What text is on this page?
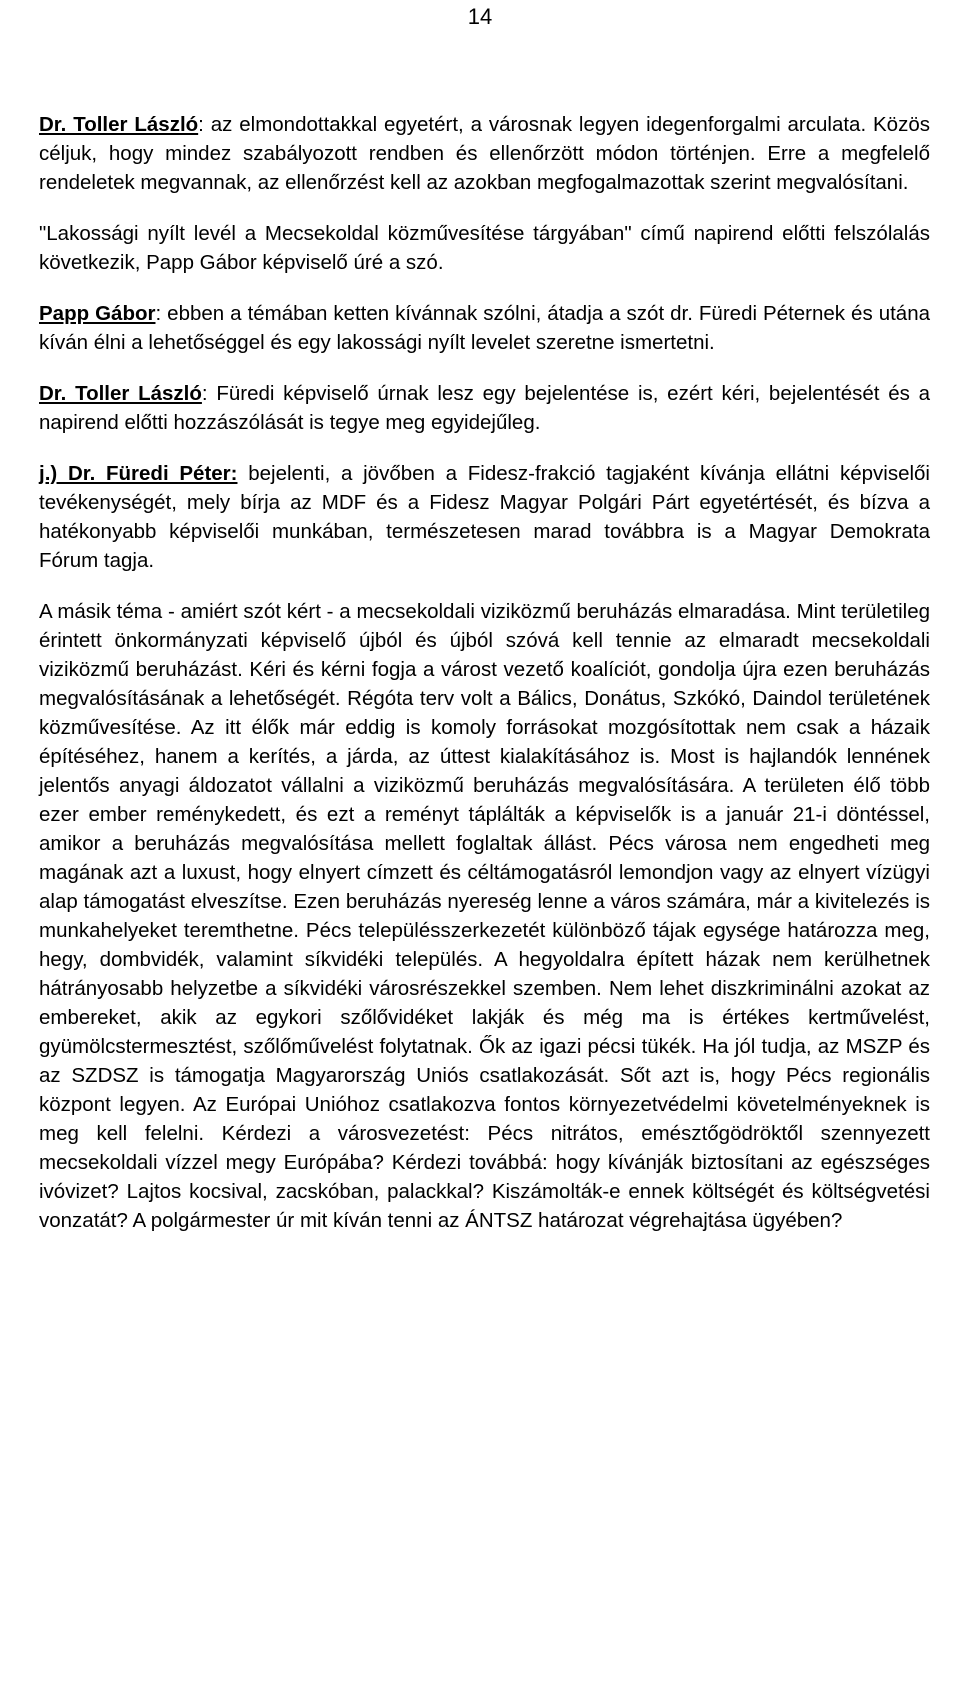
14

Dr. Toller László: az elmondottakkal egyetért, a városnak legyen idegenforgalmi arculata. Közös céljuk, hogy mindez szabályozott rendben és ellenőrzött módon történjen. Erre a megfelelő rendeletek megvannak, az ellenőrzést kell az azokban megfogalmazottak szerint megvalósítani.

"Lakossági nyílt levél a Mecsekoldal közművesítése tárgyában" című napirend előtti felszólalás következik, Papp Gábor képviselő úré a szó.

Papp Gábor: ebben a témában ketten kívánnak szólni, átadja a szót dr. Füredi Péternek és utána kíván élni a lehetőséggel és egy lakossági nyílt levelet szeretne ismertetni.

Dr. Toller László: Füredi képviselő úrnak lesz egy bejelentése is, ezért kéri, bejelentését és a napirend előtti hozzászólását is tegye meg egyidejűleg.

j.) Dr. Füredi Péter: bejelenti, a jövőben a Fidesz-frakció tagjaként kívánja ellátni képviselői tevékenységét, mely bírja az MDF és a Fidesz Magyar Polgári Párt egyetértését, és bízva a hatékonyabb képviselői munkában, természetesen marad továbbra is a Magyar Demokrata Fórum tagja.

A másik téma - amiért szót kért - a mecsekoldali viziközmű beruházás elmaradása. Mint területileg érintett önkormányzati képviselő újból és újból szóvá kell tennie az elmaradt mecsekoldali viziközmű beruházást. Kéri és kérni fogja a várost vezető koalíciót, gondolja újra ezen beruházás megvalósításának a lehetőségét. Régóta terv volt a Bálics, Donátus, Szkókó, Daindol területének közművesítése. Az itt élők már eddig is komoly forrásokat mozgósítottak nem csak a házaik építéséhez, hanem a kerítés, a járda, az úttest kialakításához is. Most is hajlandók lennének jelentős anyagi áldozatot vállalni a viziközmű beruházás megvalósítására. A területen élő több ezer ember reménykedett, és ezt a reményt táplálták a képviselők is a január 21-i döntéssel, amikor a beruházás megvalósítása mellett foglaltak állást. Pécs városa nem engedheti meg magának azt a luxust, hogy elnyert címzett és céltámogatásról lemondjon vagy az elnyert vízügyi alap támogatást elveszítse. Ezen beruházás nyereség lenne a város számára, már a kivitelezés is munkahelyeket teremthetne. Pécs településszerkezetét különböző tájak egysége határozza meg, hegy, dombvidék, valamint síkvidéki település. A hegyoldalra épített házak nem kerülhetnek hátrányosabb helyzetbe a síkvidéki városrészekkel szemben. Nem lehet diszkriminálni azokat az embereket, akik az egykori szőlővidéket lakják és még ma is értékes kertművelést, gyümölcstermesztést, szőlőművelést folytatnak. Ők az igazi pécsi tükék. Ha jól tudja, az MSZP és az SZDSZ is támogatja Magyarország Uniós csatlakozását. Sőt azt is, hogy Pécs regionális központ legyen. Az Európai Unióhoz csatlakozva fontos környezetvédelmi követelményeknek is meg kell felelni. Kérdezi a városvezetést: Pécs nitrátos, emésztőgödröktől szennyezett mecsekoldali vízzel megy Európába? Kérdezi továbbá: hogy kívánják biztosítani az egészséges ivóvizet? Lajtos kocsival, zacskóban, palackkal? Kiszámolták-e ennek költségét és költségvetési vonzatát? A polgármester úr mit kíván tenni az ÁNTSZ határozat végrehajtása ügyében?
